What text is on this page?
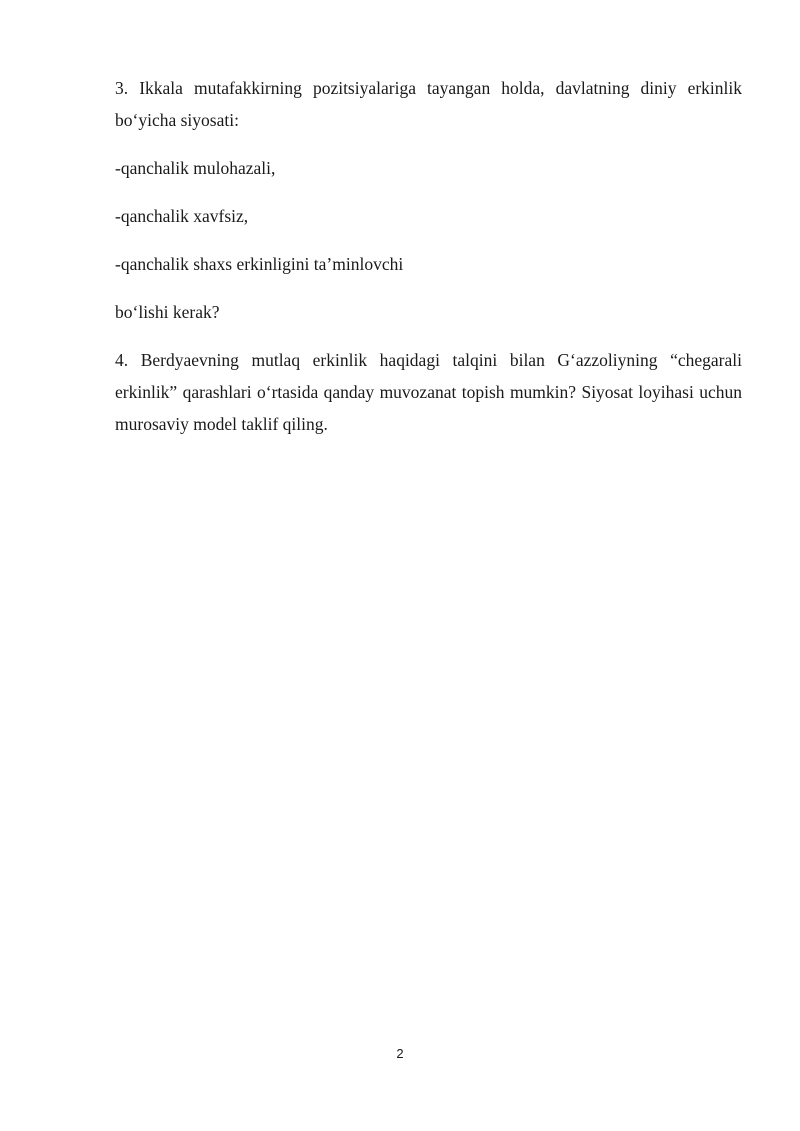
3. Ikkala mutafakkirning pozitsiyalariga tayangan holda, davlatning diniy erkinlik bo‘yicha siyosati:

-qanchalik mulohazali,

-qanchalik xavfsiz,

-qanchalik shaxs erkinligini ta’minlovchi

bo‘lishi kerak?

4. Berdyaevning mutlaq erkinlik haqidagi talqini bilan G‘azzoliyning “chegarali erkinlik” qarashlari o‘rtasida qanday muvozanat topish mumkin? Siyosat loyihasi uchun murosaviy model taklif qiling.

2
